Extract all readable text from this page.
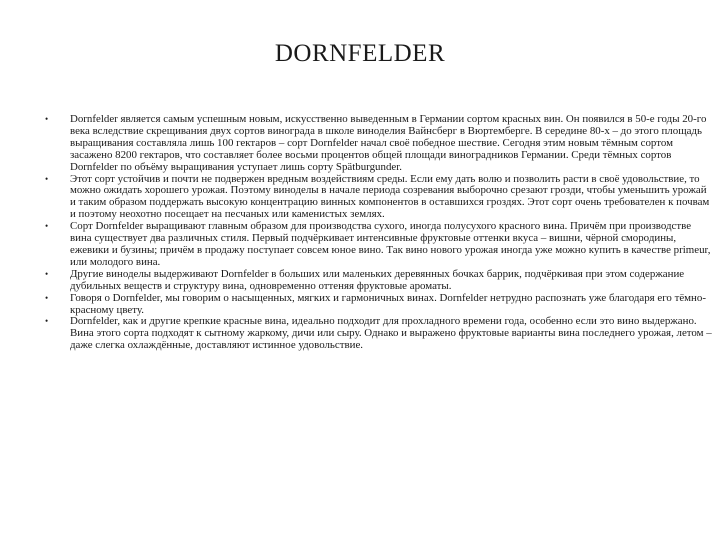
DORNFELDER
• Dornfelder является самым успешным новым, искусственно выведенным в Германии сортом красных вин. Он появился в 50-е годы 20-го века вследствие скрещивания двух сортов винограда в школе виноделия Вайнсберг в Вюртемберге. В середине 80-х – до этого площадь выращивания составляла лишь 100 гектаров – сорт Dornfelder начал своё победное шествие. Сегодня этим новым тёмным сортом засажено 8200 гектаров, что составляет более восьми процентов общей площади виноградников Германии. Среди тёмных сортов Dornfelder по объёму выращивания уступает лишь сорту Spätburgunder.
• Этот сорт устойчив и почти не подвержен вредным воздействиям среды. Если ему дать волю и позволить расти в своё удовольствие, то можно ожидать хорошего урожая. Поэтому виноделы в начале периода созревания выборочно срезают грозди, чтобы уменьшить урожай и таким образом поддержать высокую концентрацию винных компонентов в оставшихся гроздях. Этот сорт очень требователен к почвам и поэтому неохотно посещает на песчаных или каменистых землях.
• Сорт Dornfelder выращивают главным образом для производства сухого, иногда полусухого красного вина. Причём при производстве вина существует два различных стиля. Первый подчёркивает интенсивные фруктовые оттенки вкуса – вишни, чёрной смородины, ежевики и бузины; причём в продажу поступает совсем юное вино. Так вино нового урожая иногда уже можно купить в качестве primeur, или молодого вина.
• Другие виноделы выдерживают Dornfelder в больших или маленьких деревянных бочках баррик, подчёркивая при этом содержание дубильных веществ и структуру вина, одновременно оттеняя фруктовые ароматы.
• Говоря о Dornfelder, мы говорим о насыщенных, мягких и гармоничных винах. Dornfelder нетрудно распознать уже благодаря его тёмно-красному цвету.
• Dornfelder, как и другие крепкие красные вина, идеально подходит для прохладного времени года, особенно если это вино выдержано. Вина этого сорта подходят к сытному жаркому, дичи или сыру. Однако и выражено фруктовые варианты вина последнего урожая, летом – даже слегка охлаждённые, доставляют истинное удовольствие.
